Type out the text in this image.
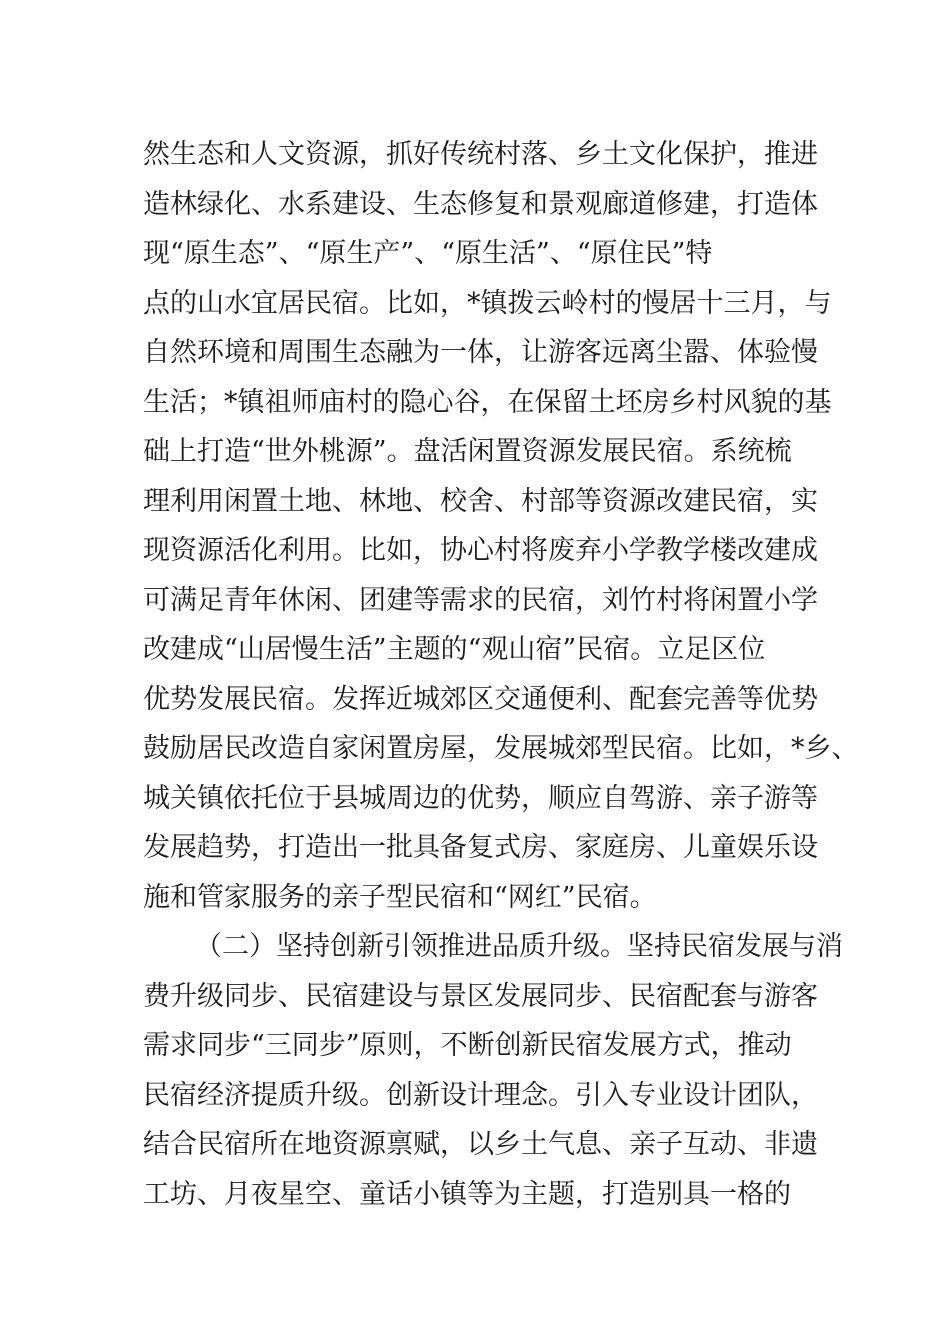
然生态和人文资源，抓好传统村落、乡土文化保护，推进
造林绿化、水系建设、生态修复和景观廊道修建，打造体
现“原生态”、“原生产”、“原生活”、“原住民”特
点的山水宜居民宿。比如，*镇拨云岭村的慢居十三月，与
自然环境和周围生态融为一体，让游客远离尘嚣、体验慢
生活；*镇祖师庙村的隐心谷，在保留土坯房乡村风貌的基
础上打造“世外桃源”。盘活闲置资源发展民宿。系统梳
理利用闲置土地、林地、校舍、村部等资源改建民宿，实
现资源活化利用。比如，协心村将废弃小学教学楼改建成
可满足青年休闲、团建等需求的民宿，刘竹村将闲置小学
改建成“山居慢生活”主题的“观山宿”民宿。立足区位
优势发展民宿。发挥近城郊区交通便利、配套完善等优势
鼓励居民改造自家闲置房屋，发展城郊型民宿。比如，*乡、
城关镇依托位于县城周边的优势，顺应自驾游、亲子游等
发展趋势，打造出一批具备复式房、家庭房、儿童娱乐设
施和管家服务的亲子型民宿和“网红”民宿。
（二）坚持创新引领推进品质升级。坚持民宿发展与消
费升级同步、民宿建设与景区发展同步、民宿配套与游客
需求同步“三同步”原则，不断创新民宿发展方式，推动
民宿经济提质升级。创新设计理念。引入专业设计团队，
结合民宿所在地资源禀赋，以乡土气息、亲子互动、非遗
工坊、月夜星空、童话小镇等为主题，打造别具一格的
